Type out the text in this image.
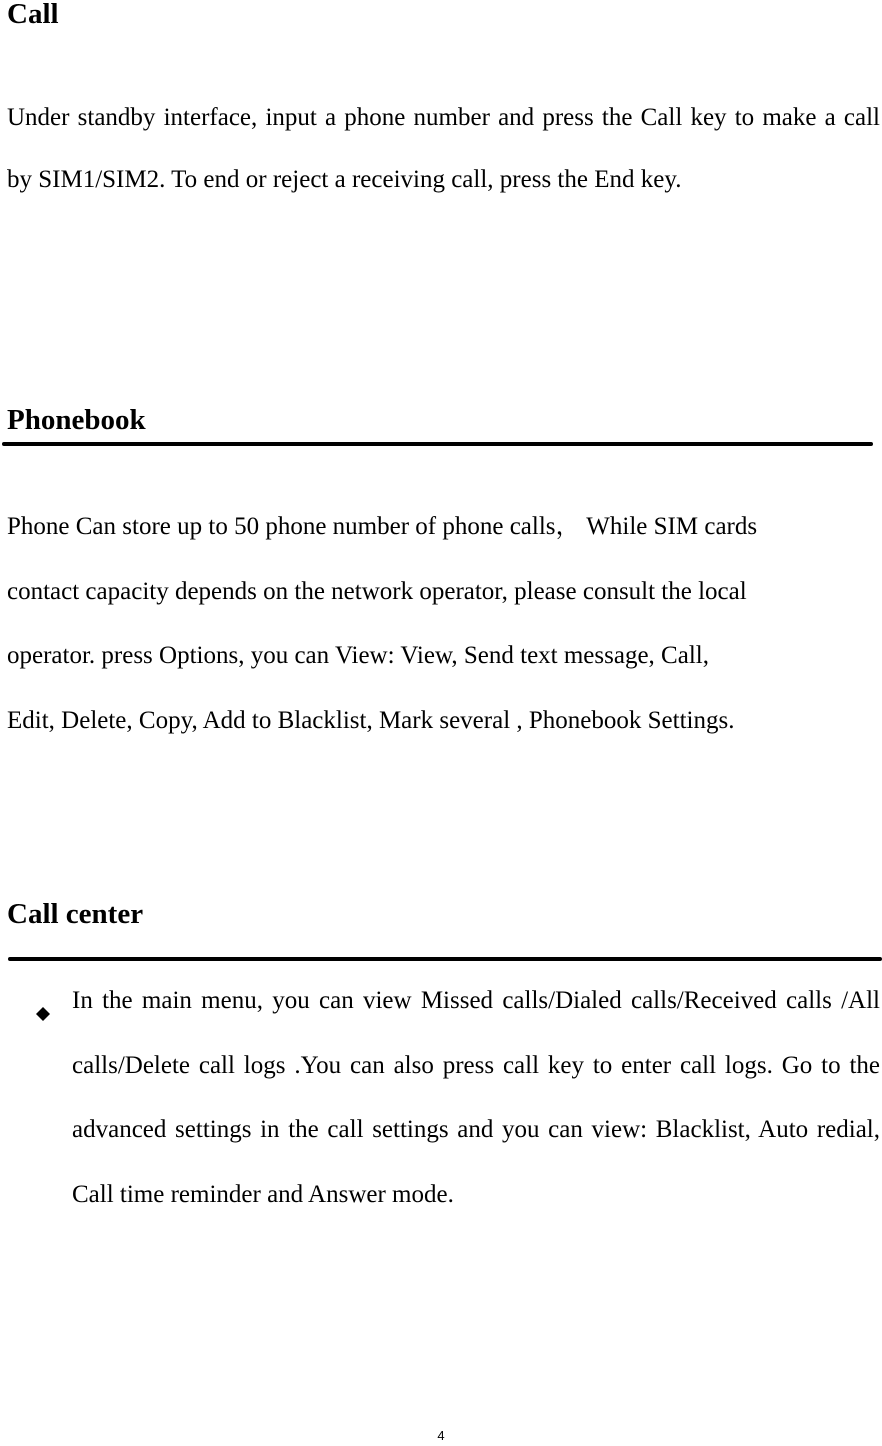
Call

Under standby interface, input a phone number and press the Call key to make a call by SIM1/SIM2. To end or reject a receiving call, press the End key.

Phonebook
Phone Can store up to 50 phone number of phone calls， While SIM cards
contact capacity depends on the network operator, please consult the local
operator. press Options, you can View: View, Send text message, Call,
Edit, Delete, Copy, Add to Blacklist, Mark several , Phonebook Settings.
Call center

In the main menu, you can view Missed calls/Dialed calls/Received calls /All calls/Delete call logs .You can also press call key to enter call logs. Go to the advanced settings in the call settings and you can view: Blacklist, Auto redial, Call time reminder and Answer mode.

4
